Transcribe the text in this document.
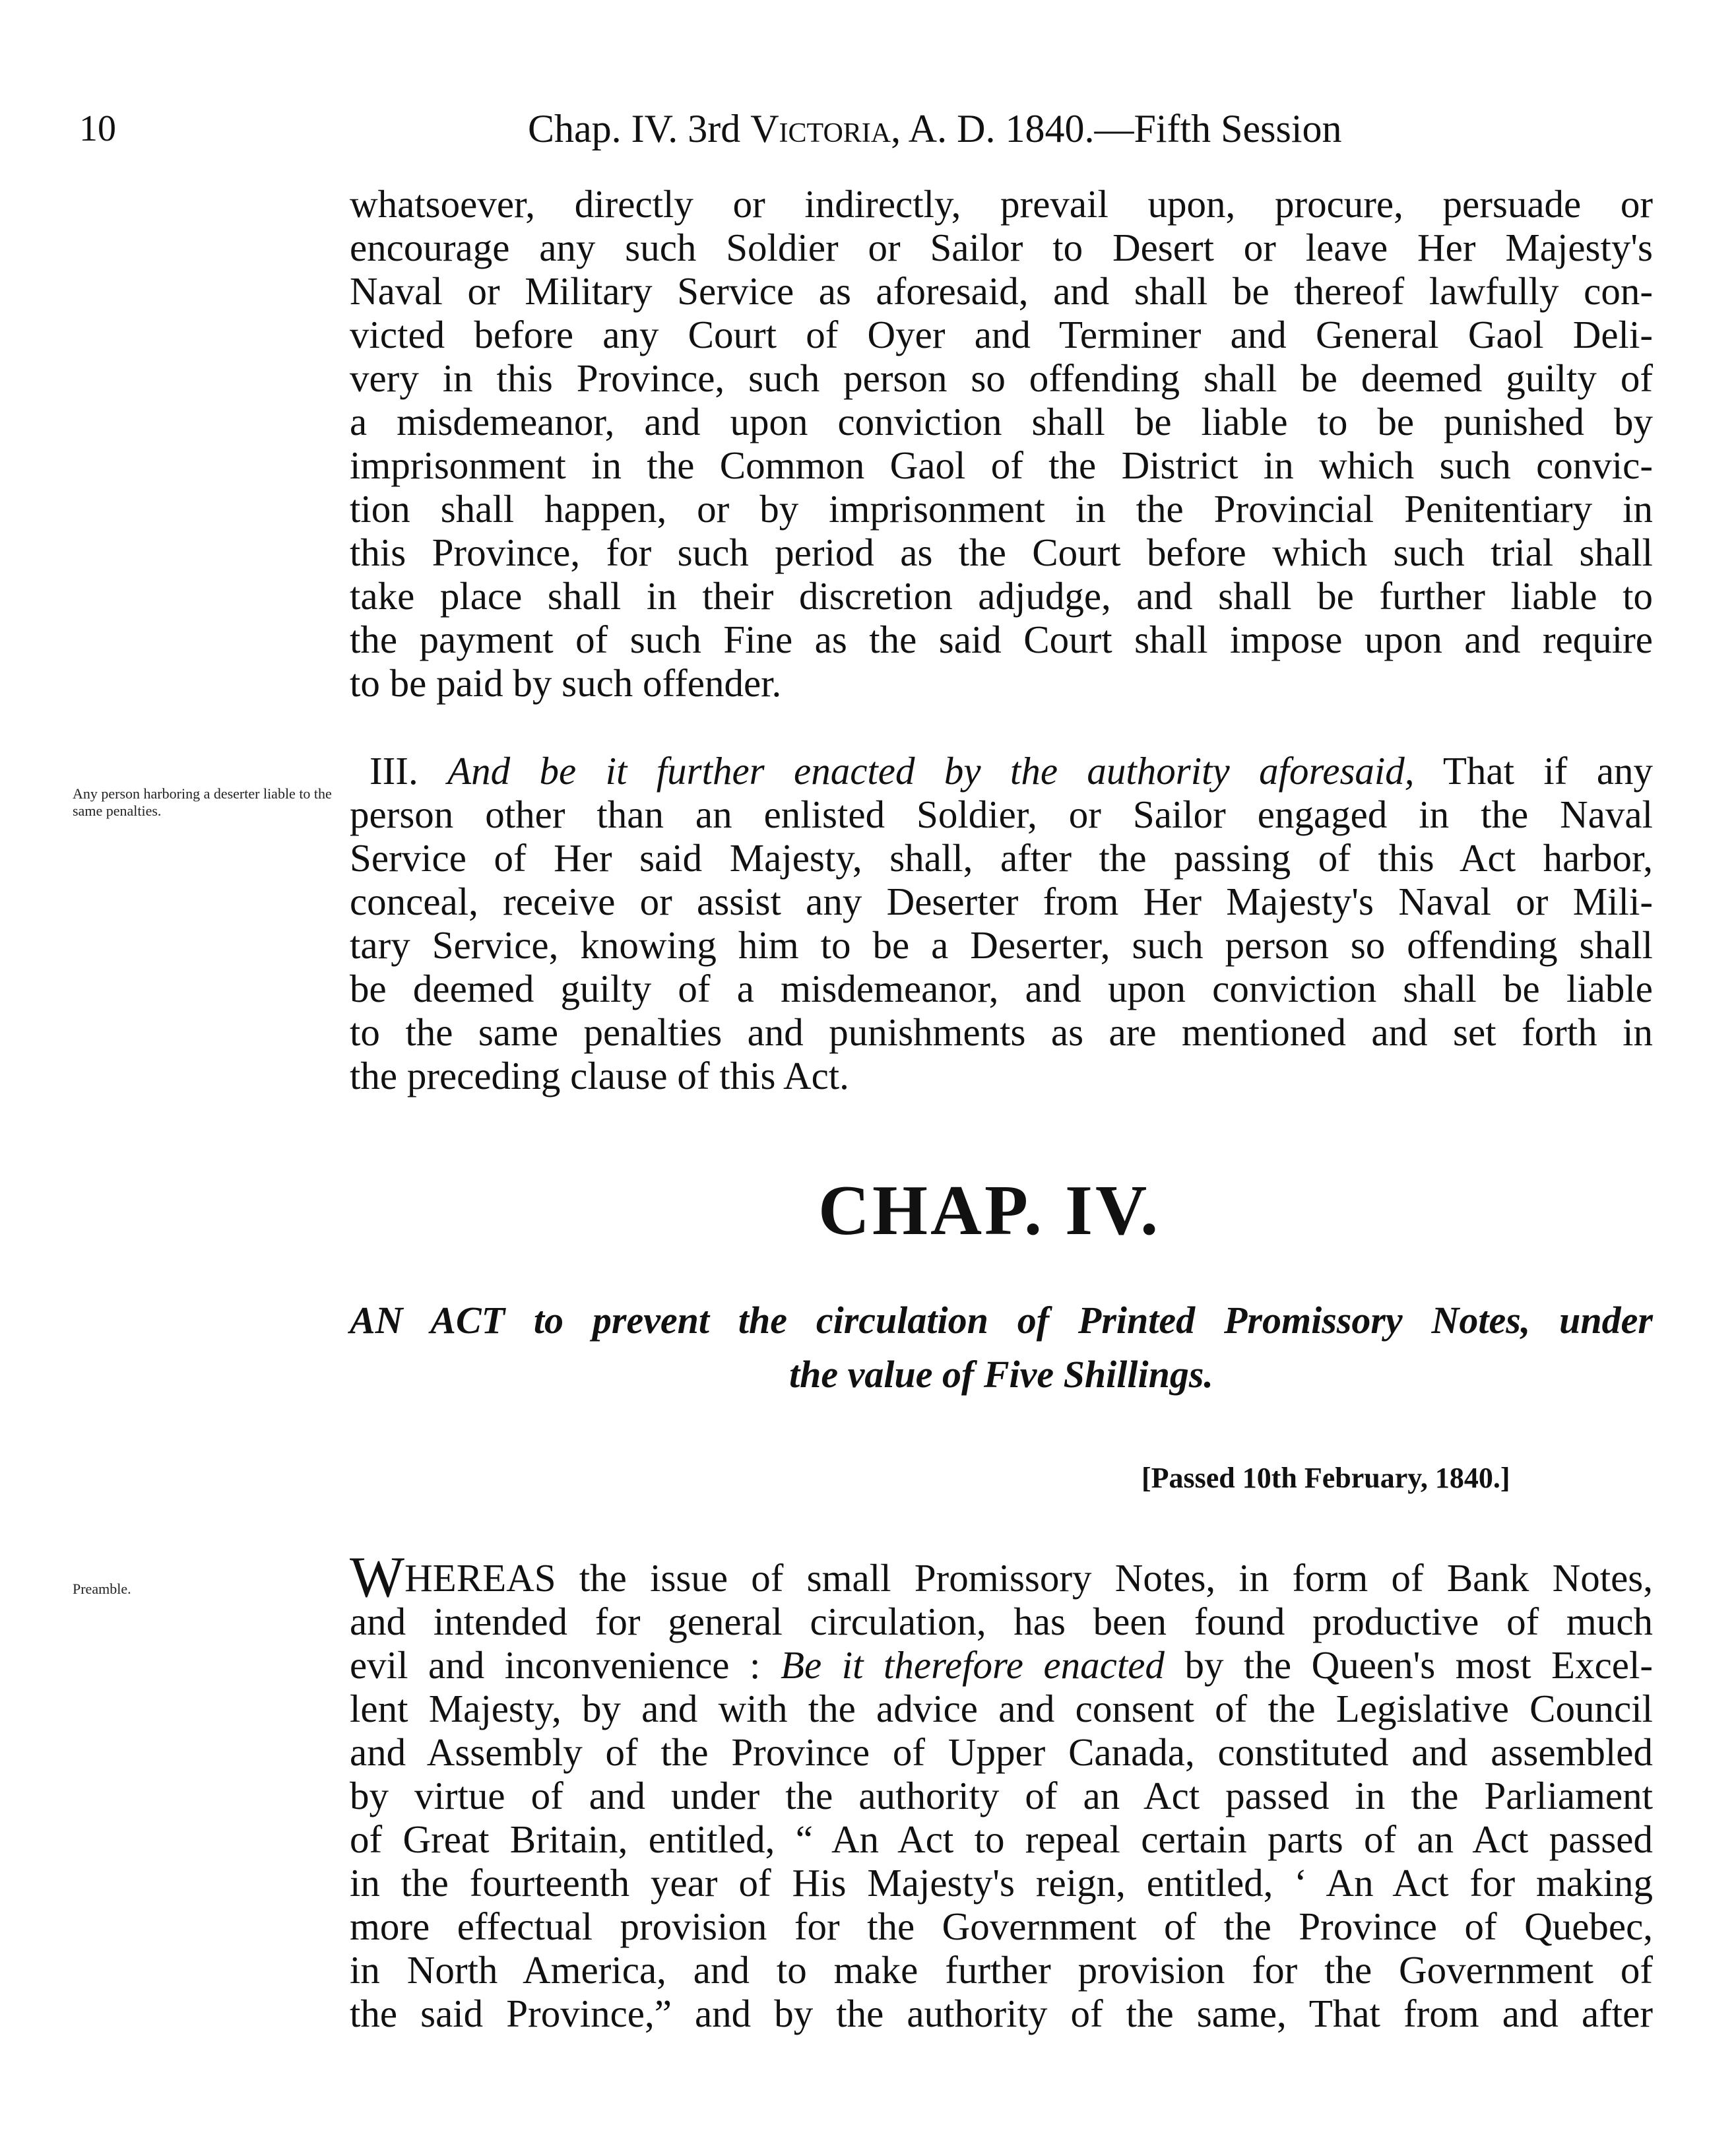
10	Chap. IV. 3rd Victoria, A. D. 1840.—Fifth Session
whatsoever, directly or indirectly, prevail upon, procure, persuade or
encourage any such Soldier or Sailor to Desert or leave Her Majesty's
Naval or Military Service as aforesaid, and shall be thereof lawfully con-
victed before any Court of Oyer and Terminer and General Gaol Deli-
very in this Province, such person so offending shall be deemed guilty of
a misdemeanor, and upon conviction shall be liable to be punished by
imprisonment in the Common Gaol of the District in which such convic-
tion shall happen, or by imprisonment in the Provincial Penitentiary in
this Province, for such period as the Court before which such trial shall
take place shall in their discretion adjudge, and shall be further liable to
the payment of such Fine as the said Court shall impose upon and require
to be paid by such offender.
Any person harboring a deserter liable to the same penalties.
III. And be it further enacted by the authority aforesaid, That if any
person other than an enlisted Soldier, or Sailor engaged in the Naval
Service of Her said Majesty, shall, after the passing of this Act harbor,
conceal, receive or assist any Deserter from Her Majesty's Naval or Mili-
tary Service, knowing him to be a Deserter, such person so offending shall
be deemed guilty of a misdemeanor, and upon conviction shall be liable
to the same penalties and punishments as are mentioned and set forth in
the preceding clause of this Act.
CHAP. IV.
AN ACT to prevent the circulation of Printed Promissory Notes, under
the value of Five Shillings.
[Passed 10th February, 1840.]
Preamble.	WHEREAS the issue of small Promissory Notes, in form of Bank Notes,
and intended for general circulation, has been found productive of much
evil and inconvenience : Be it therefore enacted by the Queen's most Excel-
lent Majesty, by and with the advice and consent of the Legislative Council
and Assembly of the Province of Upper Canada, constituted and assembled
by virtue of and under the authority of an Act passed in the Parliament
of Great Britain, entitled, “ An Act to repeal certain parts of an Act passed
in the fourteenth year of His Majesty's reign, entitled, ‘ An Act for making
more effectual provision for the Government of the Province of Quebec,
in North America, and to make further provision for the Government of
the said Province,” and by the authority of the same, That from and after
